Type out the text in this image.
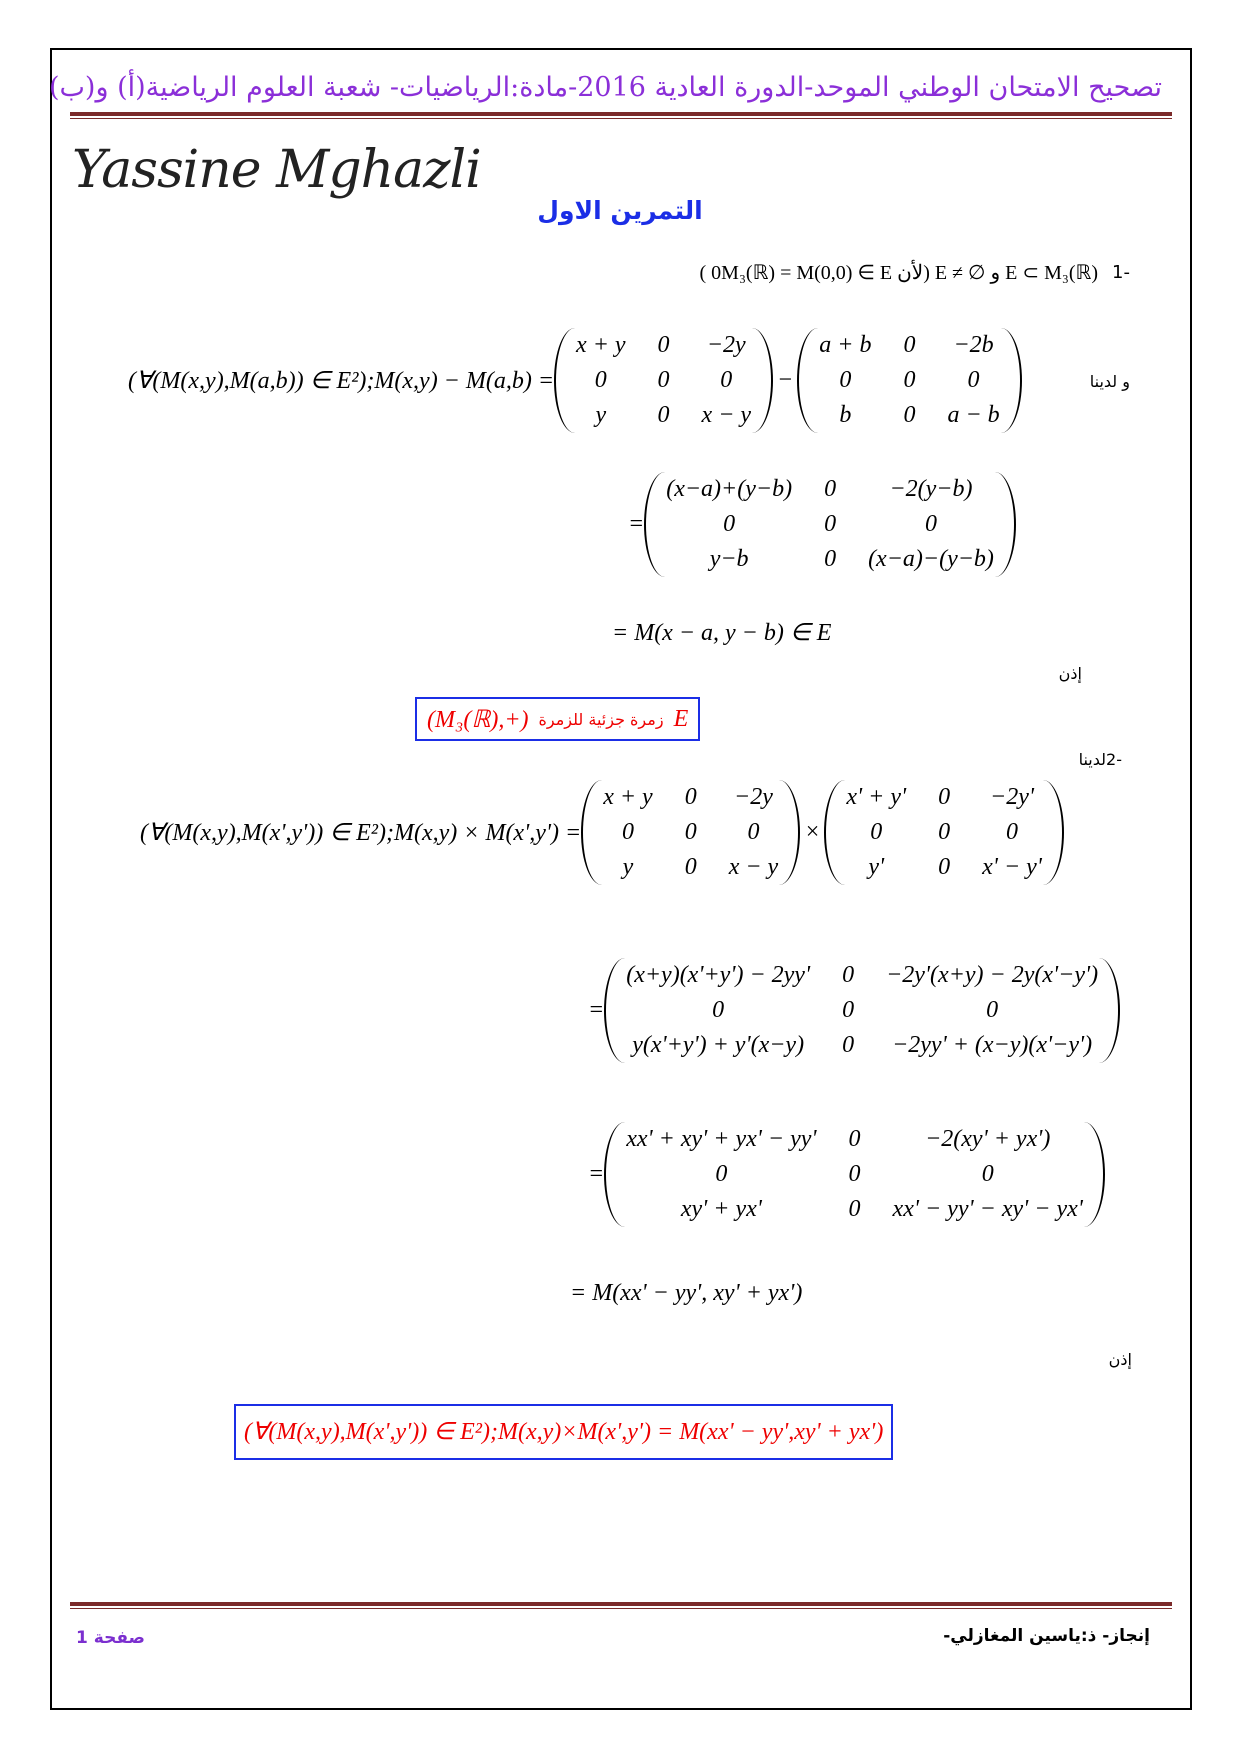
تصحيح الامتحان الوطني الموحد-الدورة العادية 2016-مادة:الرياضيات- شعبة العلوم الرياضية(أ) و(ب)
Yassine Mghazli
التمرين الاول
( 0M₃(ℝ) = M(0,0) ∈ E لأن) E ≠ ∅ و E ⊂ M₃(ℝ) -1
(∀(M(x,y),M(a,b)) ∈ E²);M(x,y) − M(a,b) =
x + y	0	−2y
0	0	0
y	0	x − y
−
a + b	0	−2b
0	0	0
b	0	a − b
و لدينا
=
(x−a)+(y−b)	0	−2(y−b)
0	0	0
y−b	0	(x−a)−(y−b)
= M(x − a, y − b) ∈ E
إذن
(M₃(ℝ),+) زمرة جزئية للزمرة E
لدينا -2
(∀(M(x,y),M(x',y')) ∈ E²);M(x,y) × M(x',y') =
x + y	0	−2y
0	0	0
y	0	x − y
×
x' + y'	0	−2y'
0	0	0
y'	0	x' − y'
=
(x+y)(x'+y') − 2yy'	0	−2y'(x+y) − 2y(x'−y')
0	0	0
y(x'+y') + y'(x−y)	0	−2yy' + (x−y)(x'−y')
=
xx' + xy' + yx' − yy'	0	−2(xy' + yx')
0	0	0
xy' + yx'	0	xx' − yy' − xy' − yx'
= M(xx' − yy', xy' + yx')
إذن
(∀(M(x,y),M(x',y')) ∈ E²);M(x,y)×M(x',y') = M(xx' − yy',xy' + yx')
صفحة 1	إنجاز- ذ:ياسين المغازلي-
